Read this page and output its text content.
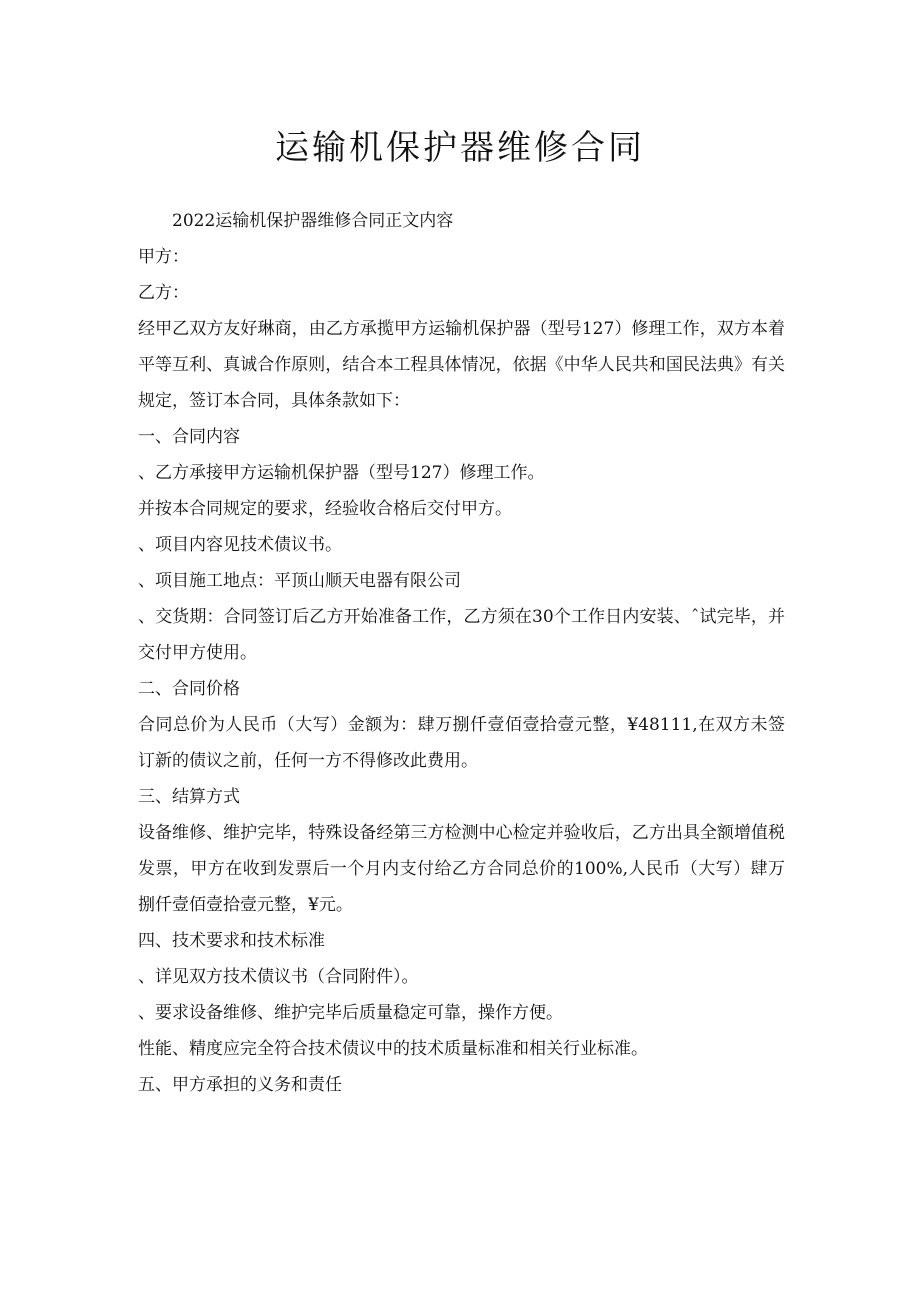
运输机保护器维修合同

2022运输机保护器维修合同正文内容

甲方：

乙方：

经甲乙双方友好琳商，由乙方承揽甲方运输机保护器（型号127）修理工作，双方本着平等互利、真诚合作原则，结合本工程具体情况，依据《中华人民共和国民法典》有关规定，签订本合同，具体条款如下：

一、合同内容

、乙方承接甲方运输机保护器（型号127）修理工作。

并按本合同规定的要求，经验收合格后交付甲方。

、项目内容见技术债议书。

、项目施工地点：平顶山顺天电器有限公司

、交货期：合同签订后乙方开始准备工作，乙方须在30个工作日内安装、ˆ试完毕，并交付甲方使用。

二、合同价格

合同总价为人民币（大写）金额为：肆万捌仟壹佰壹拾壹元整，¥48111,在双方未签订新的债议之前，任何一方不得修改此费用。

三、结算方式

设备维修、维护完毕，特殊设备经第三方检测中心检定并验收后，乙方出具全额增值税发票，甲方在收到发票后一个月内支付给乙方合同总价的100%,人民币（大写）肆万捌仟壹佰壹拾壹元整，¥元。

四、技术要求和技术标准

、详见双方技术债议书（合同附件）。

、要求设备维修、维护完毕后质量稳定可靠，操作方便。

性能、精度应完全符合技术债议中的技术质量标准和相关行业标准。

五、甲方承担的义务和责任
